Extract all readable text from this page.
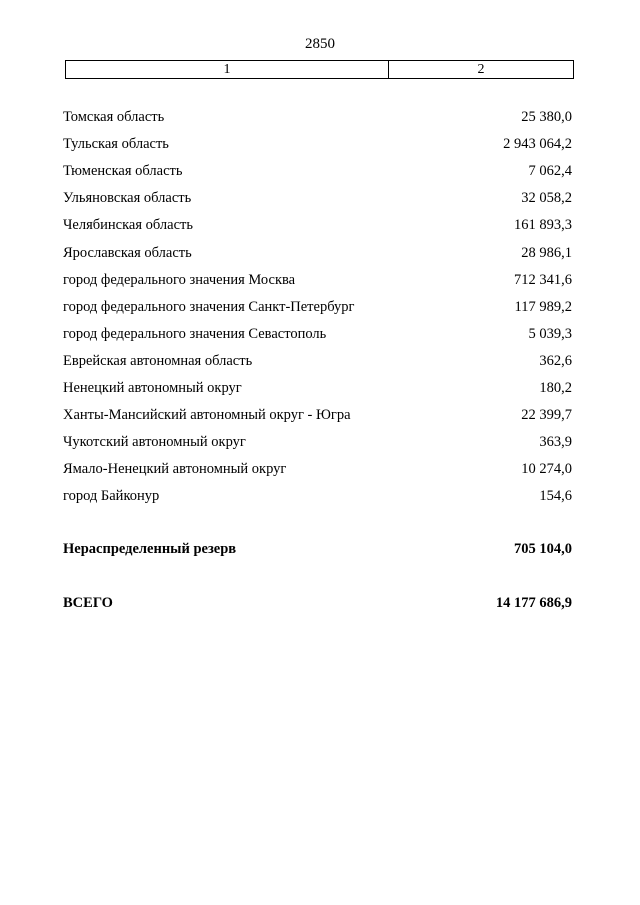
2850
1	2
Томская область	25 380,0
Тульская область	2 943 064,2
Тюменская область	7 062,4
Ульяновская область	32 058,2
Челябинская область	161 893,3
Ярославская область	28 986,1
город федерального значения Москва	712 341,6
город федерального значения Санкт-Петербург	117 989,2
город федерального значения Севастополь	5 039,3
Еврейская автономная область	362,6
Ненецкий автономный округ	180,2
Ханты-Мансийский автономный округ - Югра	22 399,7
Чукотский автономный округ	363,9
Ямало-Ненецкий автономный округ	10 274,0
город Байконур	154,6
Нераспределенный резерв	705 104,0
ВСЕГО	14 177 686,9
